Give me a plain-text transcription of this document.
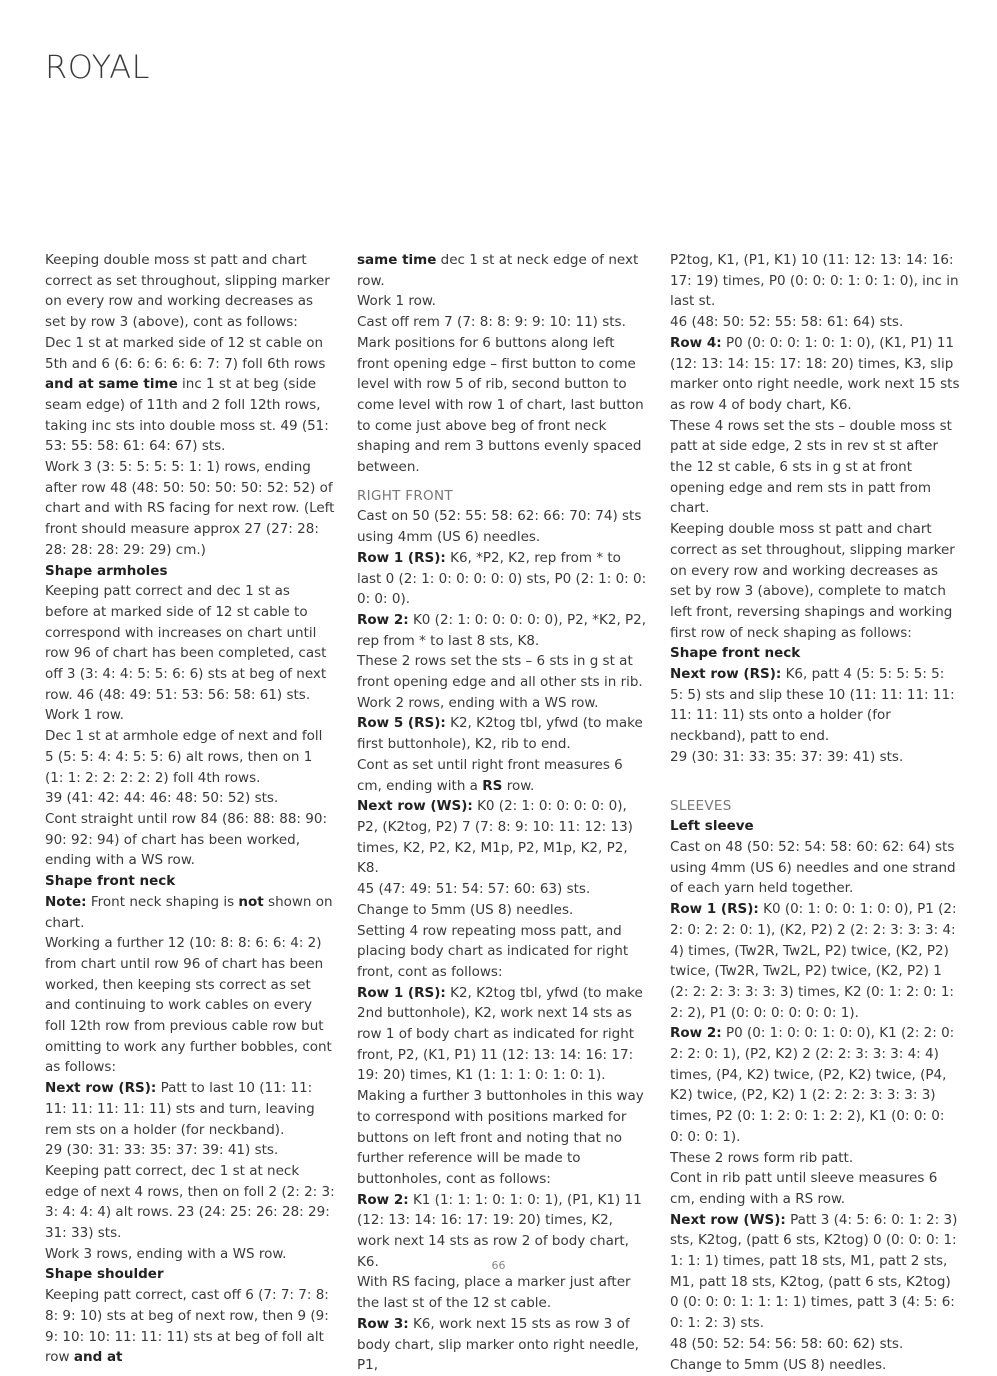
ROYAL

Keeping double moss st patt and chart correct as set throughout, slipping marker on every row and working decreases as set by row 3 (above), cont as follows:

Dec 1 st at marked side of 12 st cable on 5th and 6 (6: 6: 6: 6: 6: 7: 7) foll 6th rows and at same time inc 1 st at beg (side seam edge) of 11th and 2 foll 12th rows, taking inc sts into double moss st. 49 (51: 53: 55: 58: 61: 64: 67) sts.

Work 3 (3: 5: 5: 5: 5: 1: 1) rows, ending after row 48 (48: 50: 50: 50: 50: 52: 52) of chart and with RS facing for next row. (Left front should measure approx 27 (27: 28: 28: 28: 28: 29: 29) cm.)

Shape armholes

Keeping patt correct and dec 1 st as before at marked side of 12 st cable to correspond with increases on chart until row 96 of chart has been completed, cast off 3 (3: 4: 4: 5: 5: 6: 6) sts at beg of next row. 46 (48: 49: 51: 53: 56: 58: 61) sts.

Work 1 row.

Dec 1 st at armhole edge of next and foll 5 (5: 5: 4: 4: 5: 5: 6) alt rows, then on 1 (1: 1: 2: 2: 2: 2: 2) foll 4th rows.

39 (41: 42: 44: 46: 48: 50: 52) sts.

Cont straight until row 84 (86: 88: 88: 90: 90: 92: 94) of chart has been worked, ending with a WS row.

Shape front neck

Note: Front neck shaping is not shown on chart.

Working a further 12 (10: 8: 8: 6: 6: 4: 2) from chart until row 96 of chart has been worked, then keeping sts correct as set and continuing to work cables on every foll 12th row from previous cable row but omitting to work any further bobbles, cont as follows:

Next row (RS): Patt to last 10 (11: 11: 11: 11: 11: 11: 11) sts and turn, leaving rem sts on a holder (for neckband).

29 (30: 31: 33: 35: 37: 39: 41) sts.

Keeping patt correct, dec 1 st at neck edge of next 4 rows, then on foll 2 (2: 2: 3: 3: 4: 4: 4) alt rows. 23 (24: 25: 26: 28: 29: 31: 33) sts.

Work 3 rows, ending with a WS row.

Shape shoulder

Keeping patt correct, cast off 6 (7: 7: 7: 8: 8: 9: 10) sts at beg of next row, then 9 (9: 9: 10: 10: 11: 11: 11) sts at beg of foll alt row and at

same time dec 1 st at neck edge of next row.

Work 1 row.

Cast off rem 7 (7: 8: 8: 9: 9: 10: 11) sts.

Mark positions for 6 buttons along left front opening edge – first button to come level with row 5 of rib, second button to come level with row 1 of chart, last button to come just above beg of front neck shaping and rem 3 buttons evenly spaced between.

RIGHT FRONT

Cast on 50 (52: 55: 58: 62: 66: 70: 74) sts using 4mm (US 6) needles.

Row 1 (RS): K6, *P2, K2, rep from * to last 0 (2: 1: 0: 0: 0: 0: 0) sts, P0 (2: 1: 0: 0: 0: 0: 0).

Row 2: K0 (2: 1: 0: 0: 0: 0: 0), P2, *K2, P2, rep from * to last 8 sts, K8.

These 2 rows set the sts – 6 sts in g st at front opening edge and all other sts in rib.

Work 2 rows, ending with a WS row.

Row 5 (RS): K2, K2tog tbl, yfwd (to make first buttonhole), K2, rib to end.

Cont as set until right front measures 6 cm, ending with a RS row.

Next row (WS): K0 (2: 1: 0: 0: 0: 0: 0), P2, (K2tog, P2) 7 (7: 8: 9: 10: 11: 12: 13) times, K2, P2, K2, M1p, P2, M1p, K2, P2, K8.

45 (47: 49: 51: 54: 57: 60: 63) sts.

Change to 5mm (US 8) needles.

Setting 4 row repeating moss patt, and placing body chart as indicated for right front, cont as follows:

Row 1 (RS): K2, K2tog tbl, yfwd (to make 2nd buttonhole), K2, work next 14 sts as row 1 of body chart as indicated for right front, P2, (K1, P1) 11 (12: 13: 14: 16: 17: 19: 20) times, K1 (1: 1: 1: 0: 1: 0: 1).

Making a further 3 buttonholes in this way to correspond with positions marked for buttons on left front and noting that no further reference will be made to buttonholes, cont as follows:

Row 2: K1 (1: 1: 1: 0: 1: 0: 1), (P1, K1) 11 (12: 13: 14: 16: 17: 19: 20) times, K2, work next 14 sts as row 2 of body chart, K6.

With RS facing, place a marker just after the last st of the 12 st cable.

Row 3: K6, work next 15 sts as row 3 of body chart, slip marker onto right needle, P1,

P2tog, K1, (P1, K1) 10 (11: 12: 13: 14: 16: 17: 19) times, P0 (0: 0: 0: 1: 0: 1: 0), inc in last st.

46 (48: 50: 52: 55: 58: 61: 64) sts.

Row 4: P0 (0: 0: 0: 1: 0: 1: 0), (K1, P1) 11 (12: 13: 14: 15: 17: 18: 20) times, K3, slip marker onto right needle, work next 15 sts as row 4 of body chart, K6.

These 4 rows set the sts – double moss st patt at side edge, 2 sts in rev st st after the 12 st cable, 6 sts in g st at front opening edge and rem sts in patt from chart.

Keeping double moss st patt and chart correct as set throughout, slipping marker on every row and working decreases as set by row 3 (above), complete to match left front, reversing shapings and working first row of neck shaping as follows:

Shape front neck

Next row (RS): K6, patt 4 (5: 5: 5: 5: 5: 5: 5) sts and slip these 10 (11: 11: 11: 11: 11: 11: 11) sts onto a holder (for neckband), patt to end.

29 (30: 31: 33: 35: 37: 39: 41) sts.

SLEEVES

Left sleeve

Cast on 48 (50: 52: 54: 58: 60: 62: 64) sts using 4mm (US 6) needles and one strand of each yarn held together.

Row 1 (RS): K0 (0: 1: 0: 0: 1: 0: 0), P1 (2: 2: 0: 2: 2: 0: 1), (K2, P2) 2 (2: 2: 3: 3: 3: 4: 4) times, (Tw2R, Tw2L, P2) twice, (K2, P2) twice, (Tw2R, Tw2L, P2) twice, (K2, P2) 1 (2: 2: 2: 3: 3: 3: 3) times, K2 (0: 1: 2: 0: 1: 2: 2), P1 (0: 0: 0: 0: 0: 0: 1).

Row 2: P0 (0: 1: 0: 0: 1: 0: 0), K1 (2: 2: 0: 2: 2: 0: 1), (P2, K2) 2 (2: 2: 3: 3: 3: 4: 4) times, (P4, K2) twice, (P2, K2) twice, (P4, K2) twice, (P2, K2) 1 (2: 2: 2: 3: 3: 3: 3) times, P2 (0: 1: 2: 0: 1: 2: 2), K1 (0: 0: 0: 0: 0: 0: 1).

These 2 rows form rib patt.

Cont in rib patt until sleeve measures 6 cm, ending with a RS row.

Next row (WS): Patt 3 (4: 5: 6: 0: 1: 2: 3) sts, K2tog, (patt 6 sts, K2tog) 0 (0: 0: 0: 1: 1: 1: 1) times, patt 18 sts, M1, patt 2 sts, M1, patt 18 sts, K2tog, (patt 6 sts, K2tog) 0 (0: 0: 0: 1: 1: 1: 1) times, patt 3 (4: 5: 6: 0: 1: 2: 3) sts.

48 (50: 52: 54: 56: 58: 60: 62) sts.

Change to 5mm (US 8) needles.

66
